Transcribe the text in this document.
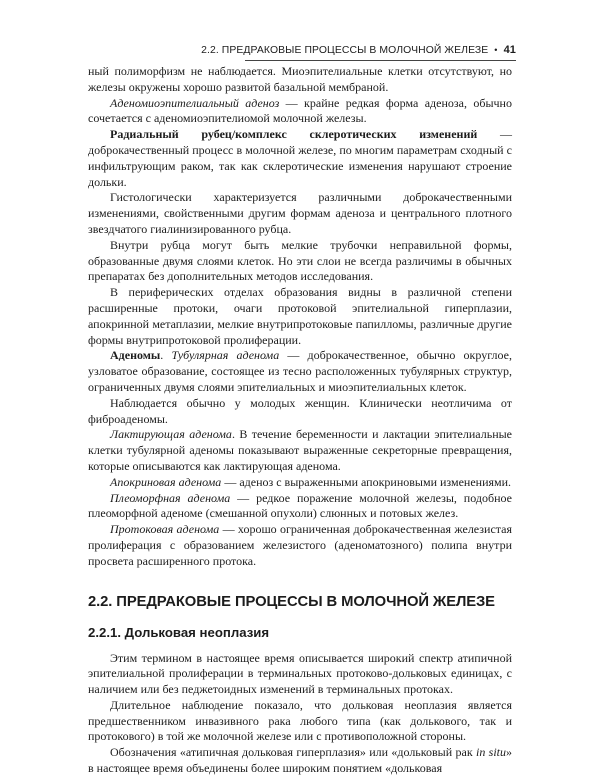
2.2. ПРЕДРАКОВЫЕ ПРОЦЕССЫ В МОЛОЧНОЙ ЖЕЛЕЗЕ • 41

ный полиморфизм не наблюдается. Миоэпителиальные клетки отсутствуют, но железы окружены хорошо развитой базальной мембраной.

Аденомиоэпителиальный аденоз — крайне редкая форма аденоза, обычно сочетается с аденомиоэпителиомой молочной железы.

Радиальный рубец/комплекс склеротических изменений — доброкачественный процесс в молочной железе, по многим параметрам сходный с инфильтрующим раком, так как склеротические изменения нарушают строение дольки.

Гистологически характеризуется различными доброкачественными изменениями, свойственными другим формам аденоза и центрального плотного звездчатого гиалинизированного рубца.

Внутри рубца могут быть мелкие трубочки неправильной формы, образованные двумя слоями клеток. Но эти слои не всегда различимы в обычных препаратах без дополнительных методов исследования.

В периферических отделах образования видны в различной степени расширенные протоки, очаги протоковой эпителиальной гиперплазии, апокринной метаплазии, мелкие внутрипротоковые папилломы, различные другие формы внутрипротоковой пролиферации.

Аденомы. Тубулярная аденома — доброкачественное, обычно округлое, узловатое образование, состоящее из тесно расположенных тубулярных структур, ограниченных двумя слоями эпителиальных и миоэпителиальных клеток.

Наблюдается обычно у молодых женщин. Клинически неотличима от фиброаденомы.

Лактирующая аденома. В течение беременности и лактации эпителиальные клетки тубулярной аденомы показывают выраженные секреторные превращения, которые описываются как лактирующая аденома.

Апокриновая аденома — аденоз с выраженными апокриновыми изменениями.

Плеоморфная аденома — редкое поражение молочной железы, подобное плеоморфной аденоме (смешанной опухоли) слюнных и потовых желез.

Протоковая аденома — хорошо ограниченная доброкачественная железистая пролиферация с образованием железистого (аденоматозного) полипа внутри просвета расширенного протока.

2.2. ПРЕДРАКОВЫЕ ПРОЦЕССЫ В МОЛОЧНОЙ ЖЕЛЕЗЕ
2.2.1. Дольковая неоплазия

Этим термином в настоящее время описывается широкий спектр атипичной эпителиальной пролиферации в терминальных протоково-дольковых единицах, с наличием или без педжетоидных изменений в терминальных протоках.

Длительное наблюдение показало, что дольковая неоплазия является предшественником инвазивного рака любого типа (как долькового, так и протокового) в той же молочной железе или с противоположной стороны.

Обозначения «атипичная дольковая гиперплазия» или «дольковый рак in situ» в настоящее время объединены более широким понятием «дольковая
